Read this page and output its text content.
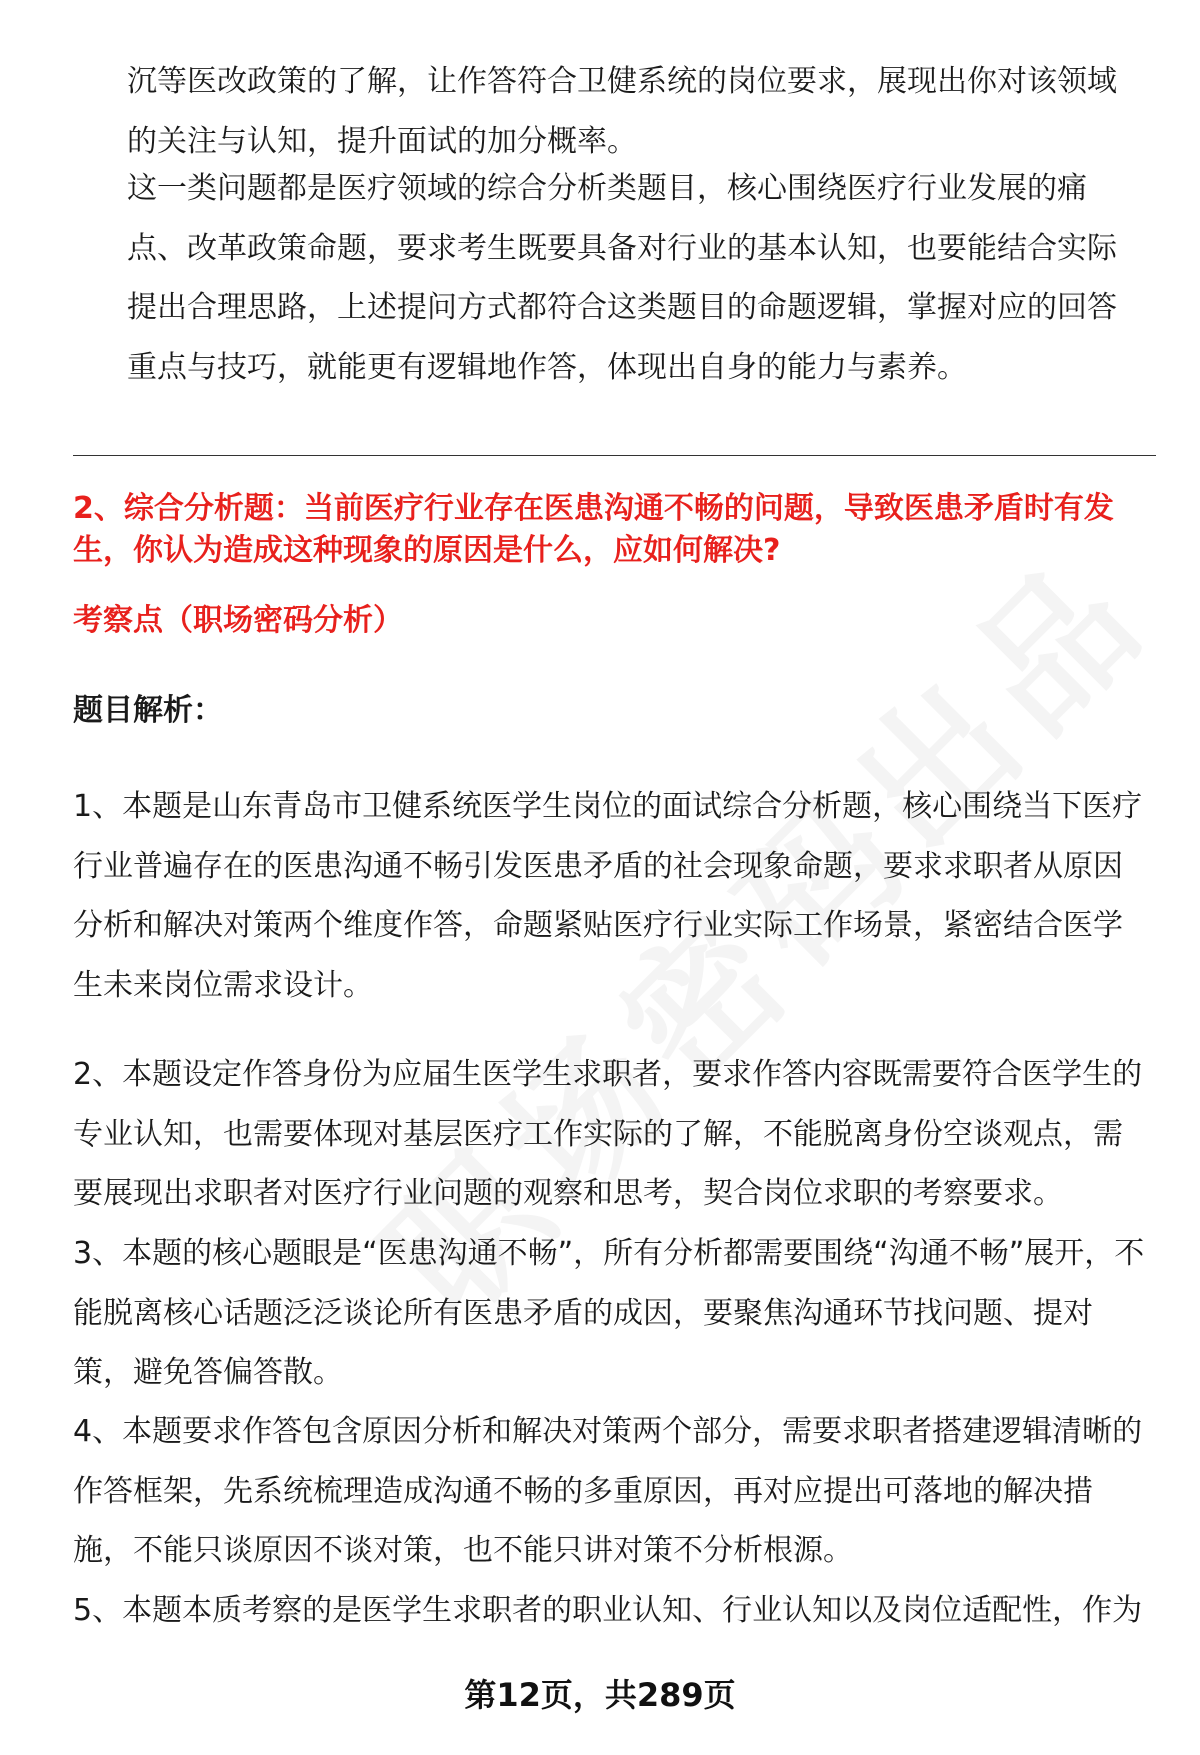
沉等医改政策的了解，让作答符合卫健系统的岗位要求，展现出你对该领域的关注与认知，提升面试的加分概率。

这一类问题都是医疗领域的综合分析类题目，核心围绕医疗行业发展的痛点、改革政策命题，要求考生既要具备对行业的基本认知，也要能结合实际提出合理思路，上述提问方式都符合这类题目的命题逻辑，掌握对应的回答重点与技巧，就能更有逻辑地作答，体现出自身的能力与素养。

2、综合分析题：当前医疗行业存在医患沟通不畅的问题，导致医患矛盾时有发生，你认为造成这种现象的原因是什么，应如何解决?

考察点（职场密码分析）

题目解析：

1、本题是山东青岛市卫健系统医学生岗位的面试综合分析题，核心围绕当下医疗行业普遍存在的医患沟通不畅引发医患矛盾的社会现象命题，要求求职者从原因分析和解决对策两个维度作答，命题紧贴医疗行业实际工作场景，紧密结合医学生未来岗位需求设计。

2、本题设定作答身份为应届生医学生求职者，要求作答内容既需要符合医学生的专业认知，也需要体现对基层医疗工作实际的了解，不能脱离身份空谈观点，需要展现出求职者对医疗行业问题的观察和思考，契合岗位求职的考察要求。

3、本题的核心题眼是“医患沟通不畅”，所有分析都需要围绕“沟通不畅”展开，不能脱离核心话题泛泛谈论所有医患矛盾的成因，要聚焦沟通环节找问题、提对策，避免答偏答散。

4、本题要求作答包含原因分析和解决对策两个部分，需要求职者搭建逻辑清晰的作答框架，先系统梳理造成沟通不畅的多重原因，再对应提出可落地的解决措施，不能只谈原因不谈对策，也不能只讲对策不分析根源。

5、本题本质考察的是医学生求职者的职业认知、行业认知以及岗位适配性，作为

第12页，共289页
